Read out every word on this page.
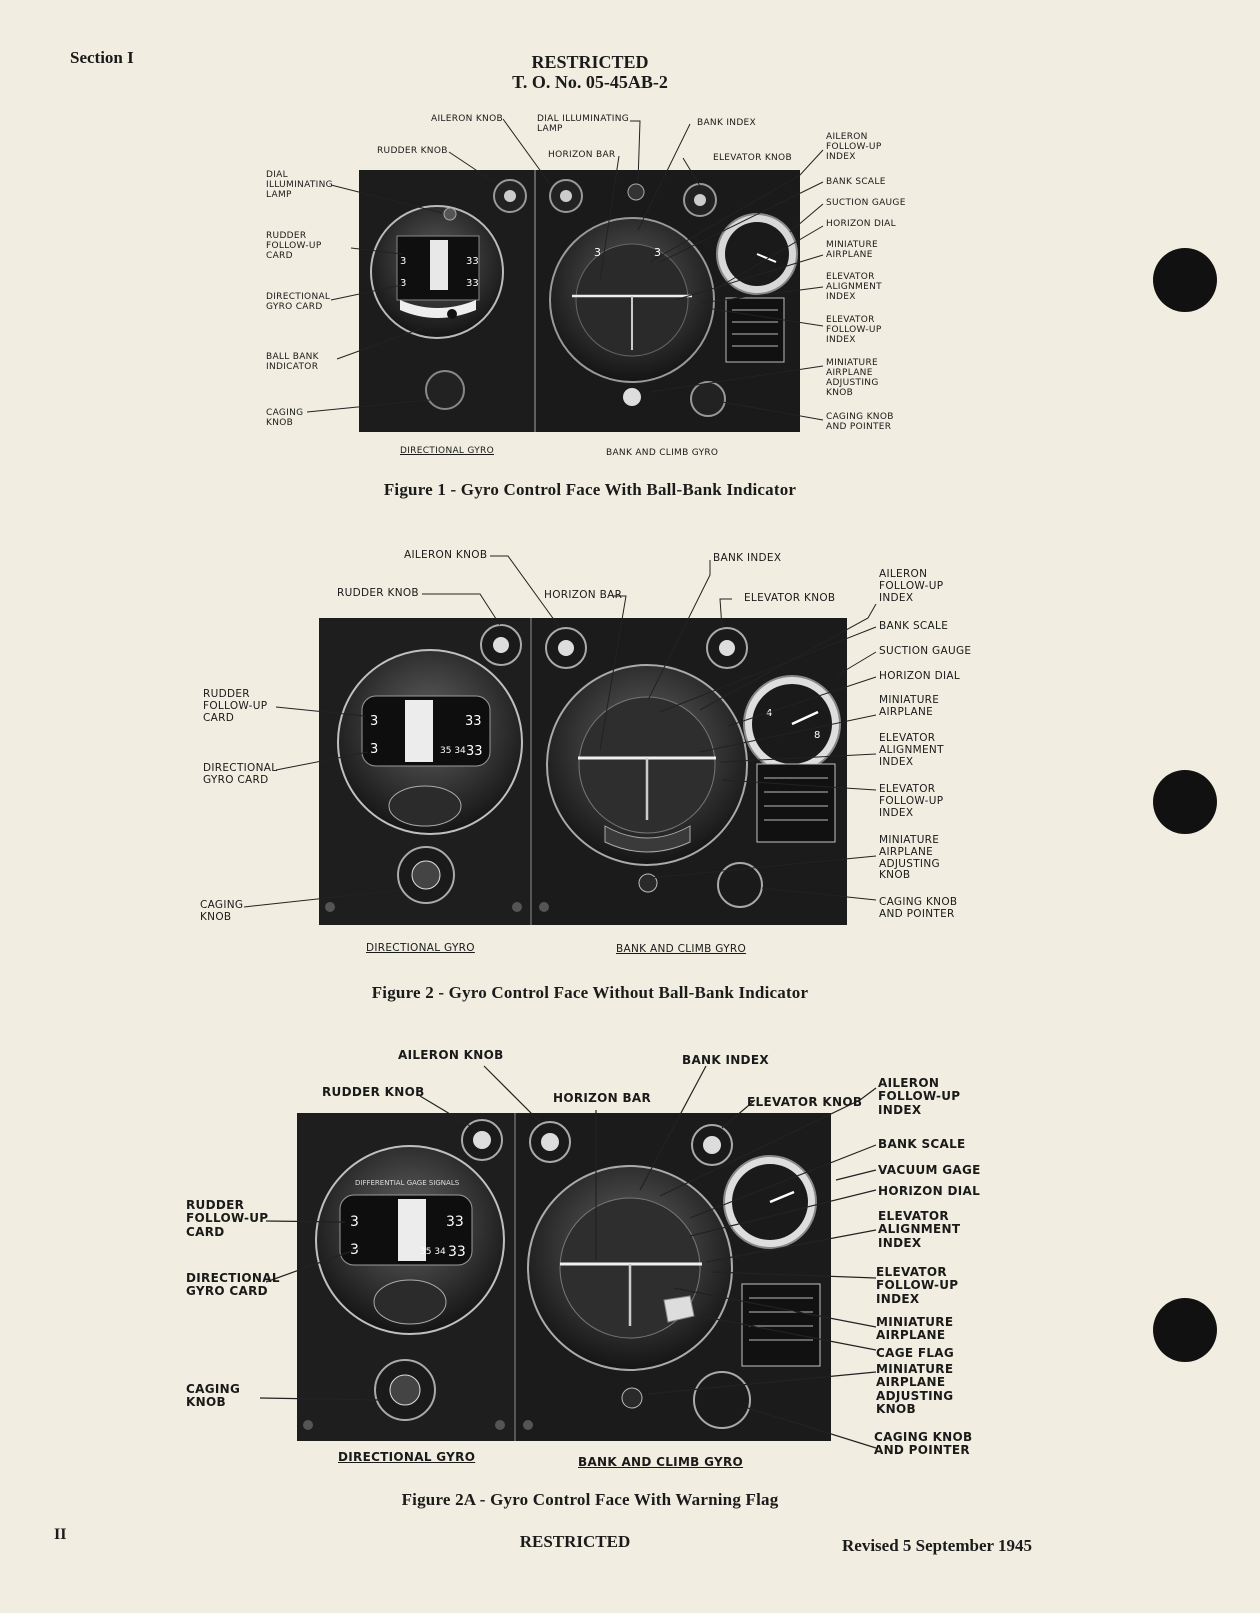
Section I	RESTRICTED
T. O. No. 05-45AB-2
II	RESTRICTED	Revised 5 September 1945
3	33
3	33
3	3
AILERON KNOB	DIAL ILLUMINATING
LAMP
BANK INDEX
RUDDER KNOB	HORIZON BAR	ELEVATOR KNOB
AILERON
FOLLOW-UP
INDEX
DIAL
ILLUMINATING
LAMP
BANK SCALE
SUCTION GAUGE
RUDDER
FOLLOW-UP
CARD
HORIZON DIAL
MINIATURE
AIRPLANE
DIRECTIONAL
GYRO CARD
ELEVATOR
ALIGNMENT
INDEX
ELEVATOR
FOLLOW-UP
INDEX
BALL BANK
INDICATOR	MINIATURE
AIRPLANE
ADJUSTING
KNOB
CAGING
KNOB
CAGING KNOB
AND POINTER
DIRECTIONAL GYRO	BANK AND CLIMB GYRO
Figure 1 - Gyro Control Face With Ball-Bank Indicator
3	33
3	35 34 33
4
8
AILERON KNOB	BANK INDEX
AILERON
FOLLOW-UP
INDEX
RUDDER KNOB	HORIZON BAR	ELEVATOR KNOB
BANK SCALE
SUCTION GAUGE
HORIZON DIAL
RUDDER
FOLLOW-UP
CARD
MINIATURE
AIRPLANE
ELEVATOR
ALIGNMENT
INDEX
DIRECTIONAL
GYRO CARD
ELEVATOR
FOLLOW-UP
INDEX
MINIATURE
AIRPLANE
ADJUSTING
KNOB
CAGING
KNOB
CAGING KNOB
AND POINTER
DIRECTIONAL GYRO	BANK AND CLIMB GYRO
Figure 2 - Gyro Control Face Without Ball-Bank Indicator
DIFFERENTIAL GAGE SIGNALS
3	33
3	35 34 33
AILERON KNOB	BANK INDEX
RUDDER KNOB	HORIZON BAR	ELEVATOR KNOB
AILERON
FOLLOW-UP
INDEX
BANK SCALE
VACUUM GAGE
HORIZON DIAL
RUDDER
FOLLOW-UP
CARD
ELEVATOR
ALIGNMENT
INDEX
DIRECTIONAL
GYRO CARD
ELEVATOR
FOLLOW-UP
INDEX
MINIATURE
AIRPLANE
CAGE FLAG
MINIATURE
AIRPLANE
ADJUSTING
KNOB
CAGING
KNOB
CAGING KNOB
AND POINTER
DIRECTIONAL GYRO	BANK AND CLIMB GYRO
Figure 2A - Gyro Control Face With Warning Flag
